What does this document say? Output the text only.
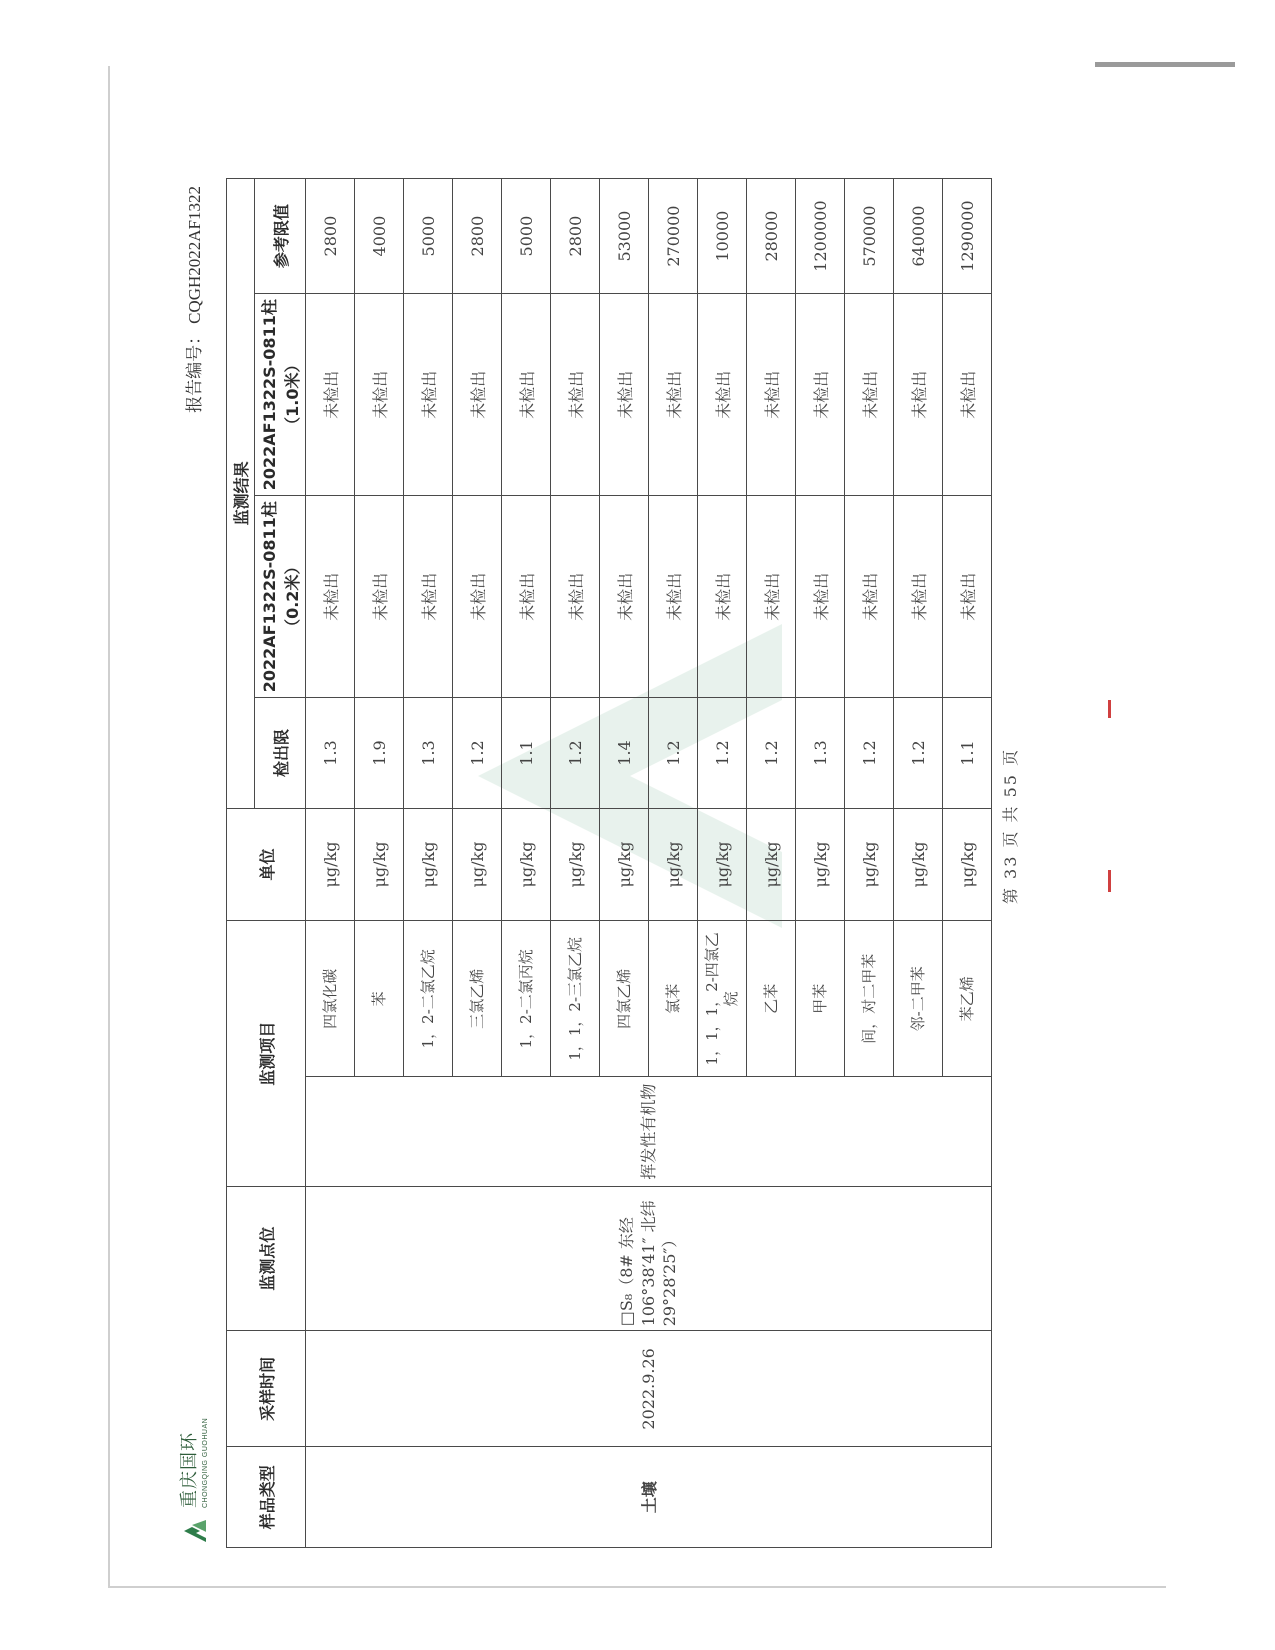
重庆国环 CHONGQING GUOHUAN
报告编号：CQGH2022AF1322
样品类型	采样时间	监测点位	监测项目		单位	监测结果			
						检出限	2022AF1322S-0811柱（0.2米）	2022AF1322S-0811柱（1.0米）	参考限值
土壤	2022.9.26	□S₈（8# 东经 106°38′41″ 北纬 29°28′25″）	挥发性有机物	四氯化碳	μg/kg	1.3	未检出	未检出	2800
				苯	μg/kg	1.9	未检出	未检出	4000
				1，2-二氯乙烷	μg/kg	1.3	未检出	未检出	5000
				三氯乙烯	μg/kg	1.2	未检出	未检出	2800
				1，2-二氯丙烷	μg/kg	1.1	未检出	未检出	5000
				1，1，2-三氯乙烷	μg/kg	1.2	未检出	未检出	2800
				四氯乙烯	μg/kg	1.4	未检出	未检出	53000
				氯苯	μg/kg	1.2	未检出	未检出	270000
				1，1，1，2-四氯乙烷	μg/kg	1.2	未检出	未检出	10000
				乙苯	μg/kg	1.2	未检出	未检出	28000
				甲苯	μg/kg	1.3	未检出	未检出	1200000
				间，对二甲苯	μg/kg	1.2	未检出	未检出	570000
				邻-二甲苯	μg/kg	1.2	未检出	未检出	640000
				苯乙烯	μg/kg	1.1	未检出	未检出	1290000
第 33 页 共 55 页
